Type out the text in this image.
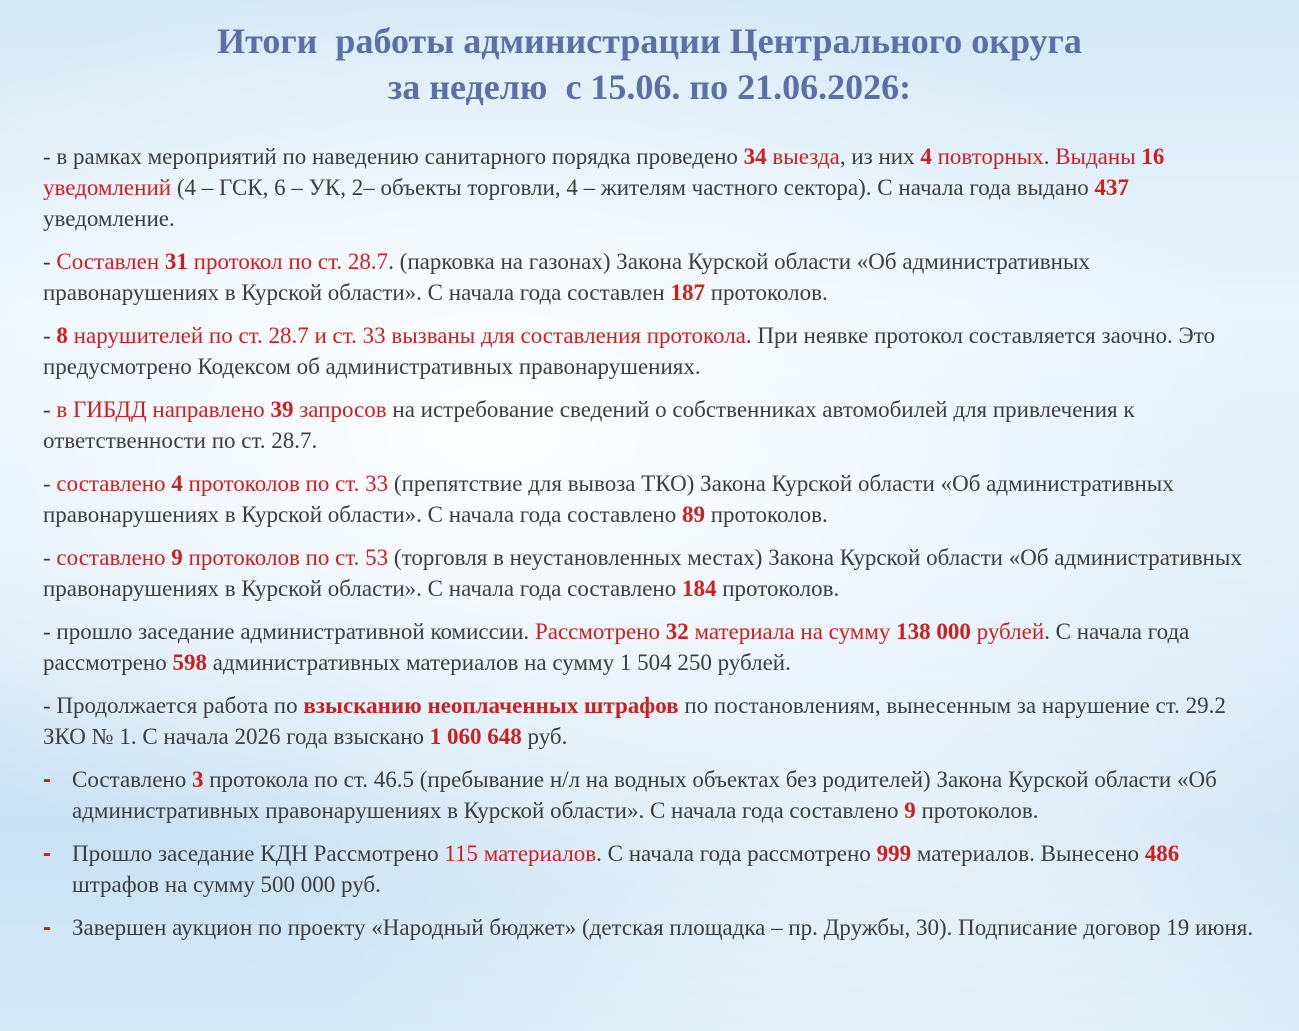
Итоги  работы администрации Центрального округа
за неделю  с 15.06. по 21.06.2026:

- в рамках мероприятий по наведению санитарного порядка проведено 34 выезда, из них 4 повторных. Выданы 16 уведомлений (4 – ГСК, 6 – УК, 2– объекты торговли, 4 – жителям частного сектора). С начала года выдано 437 уведомление.

- Составлен 31 протокол по ст. 28.7. (парковка на газонах) Закона Курской области «Об административных правонарушениях в Курской области». С начала года составлен 187 протоколов.

- 8 нарушителей по ст. 28.7 и ст. 33 вызваны для составления протокола. При неявке протокол составляется заочно. Это предусмотрено Кодексом об административных правонарушениях.

- в ГИБДД направлено 39 запросов на истребование сведений о собственниках автомобилей для привлечения к ответственности по ст. 28.7.

- составлено 4 протоколов по ст. 33 (препятствие для вывоза ТКО) Закона Курской области «Об административных правонарушениях в Курской области». С начала года составлено 89 протоколов.

- составлено 9 протоколов по ст. 53 (торговля в неустановленных местах) Закона Курской области «Об административных правонарушениях в Курской области». С начала года составлено 184 протоколов.

- прошло заседание административной комиссии. Рассмотрено 32 материала на сумму 138 000 рублей. С начала года рассмотрено 598 административных материалов на сумму 1 504 250 рублей.

- Продолжается работа по взысканию неоплаченных штрафов по постановлениям, вынесенным за нарушение ст. 29.2 ЗКО № 1. С начала 2026 года взыскано 1 060 648 руб.

- Составлено 3 протокола по ст. 46.5 (пребывание н/л на водных объектах без родителей) Закона Курской области «Об административных правонарушениях в Курской области». С начала года составлено 9 протоколов.

- Прошло заседание КДН Рассмотрено 115 материалов. С начала года рассмотрено 999 материалов. Вынесено 486 штрафов на сумму 500 000 руб.

- Завершен аукцион по проекту «Народный бюджет» (детская площадка – пр. Дружбы, 30). Подписание договор 19 июня.
